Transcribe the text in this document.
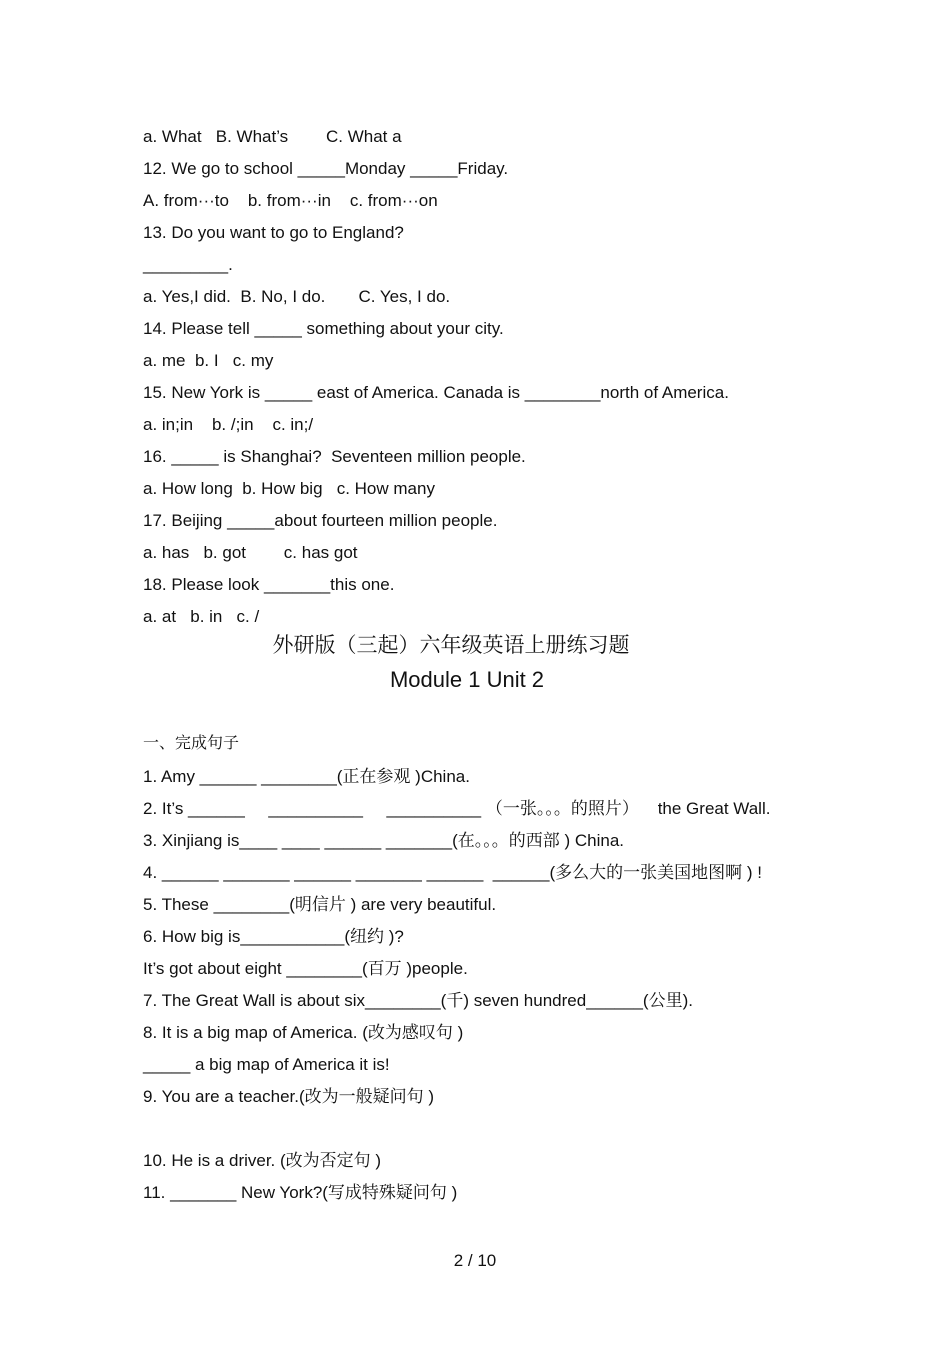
a. What   B. What’s        C. What a
12. We go to school _____Monday _____Friday.
A. from···to    b. from···in    c. from···on
13. Do you want to go to England?
_________.
a. Yes,I did.  B. No, I do.       C. Yes, I do.
14. Please tell _____ something about your city.
a. me  b. I   c. my
15. New York is _____ east of America. Canada is ________north of America.
a. in;in    b. /;in    c. in;/
16. _____ is Shanghai?  Seventeen million people.
a. How long  b. How big   c. How many
17. Beijing _____about fourteen million people.
a. has   b. got        c. has got
18. Please look _______this one.
a. at   b. in   c. /
外研版（三起）六年级英语上册练习题
Module 1 Unit 2
一、完成句子
1. Amy ______ ________(正在参观 )China.
2. It’s ______     __________     __________ （一张。。。的照片）    the Great Wall.
3. Xinjiang is____ ____ ______ _______(在。。。的西部 ) China.
4. ______ _______ ______ _______ ______  ______(多么大的一张美国地图啊 ) !
5. These ________(明信片 ) are very beautiful.
6. How big is___________(纽约 )?
It’s got about eight ________(百万 )people.
7. The Great Wall is about six________(千) seven hundred______(公里).
8. It is a big map of America. (改为感叹句 )
_____ a big map of America it is!
9. You are a teacher.(改为一般疑问句 )
10. He is a driver. (改为否定句 )
11. _______ New York?(写成特殊疑问句 )
2 / 10
